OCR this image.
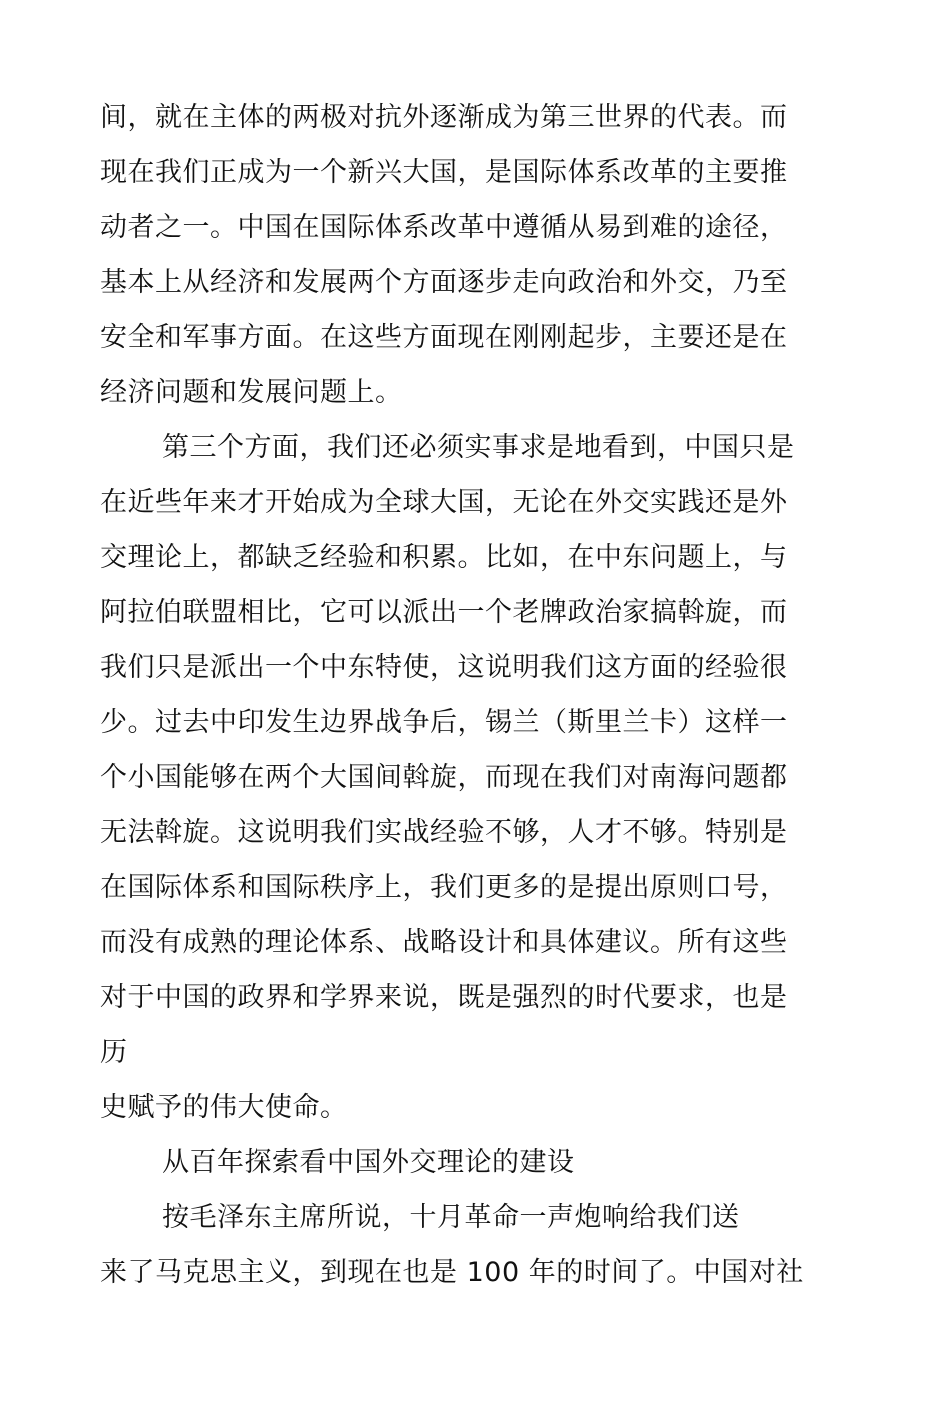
间，就在主体的两极对抗外逐渐成为第三世界的代表。而
现在我们正成为一个新兴大国，是国际体系改革的主要推
动者之一。中国在国际体系改革中遵循从易到难的途径，
基本上从经济和发展两个方面逐步走向政治和外交，乃至
安全和军事方面。在这些方面现在刚刚起步，主要还是在
经济问题和发展问题上。
第三个方面，我们还必须实事求是地看到，中国只是
在近些年来才开始成为全球大国，无论在外交实践还是外
交理论上，都缺乏经验和积累。比如，在中东问题上，与
阿拉伯联盟相比，它可以派出一个老牌政治家搞斡旋，而
我们只是派出一个中东特使，这说明我们这方面的经验很
少。过去中印发生边界战争后，锡兰（斯里兰卡）这样一
个小国能够在两个大国间斡旋，而现在我们对南海问题都
无法斡旋。这说明我们实战经验不够，人才不够。特别是
在国际体系和国际秩序上，我们更多的是提出原则口号，
而没有成熟的理论体系、战略设计和具体建议。所有这些
对于中国的政界和学界来说，既是强烈的时代要求，也是
历
史赋予的伟大使命。
从百年探索看中国外交理论的建设
按毛泽东主席所说，十月革命一声炮响给我们送
来了马克思主义，到现在也是 100 年的时间了。中国对社
